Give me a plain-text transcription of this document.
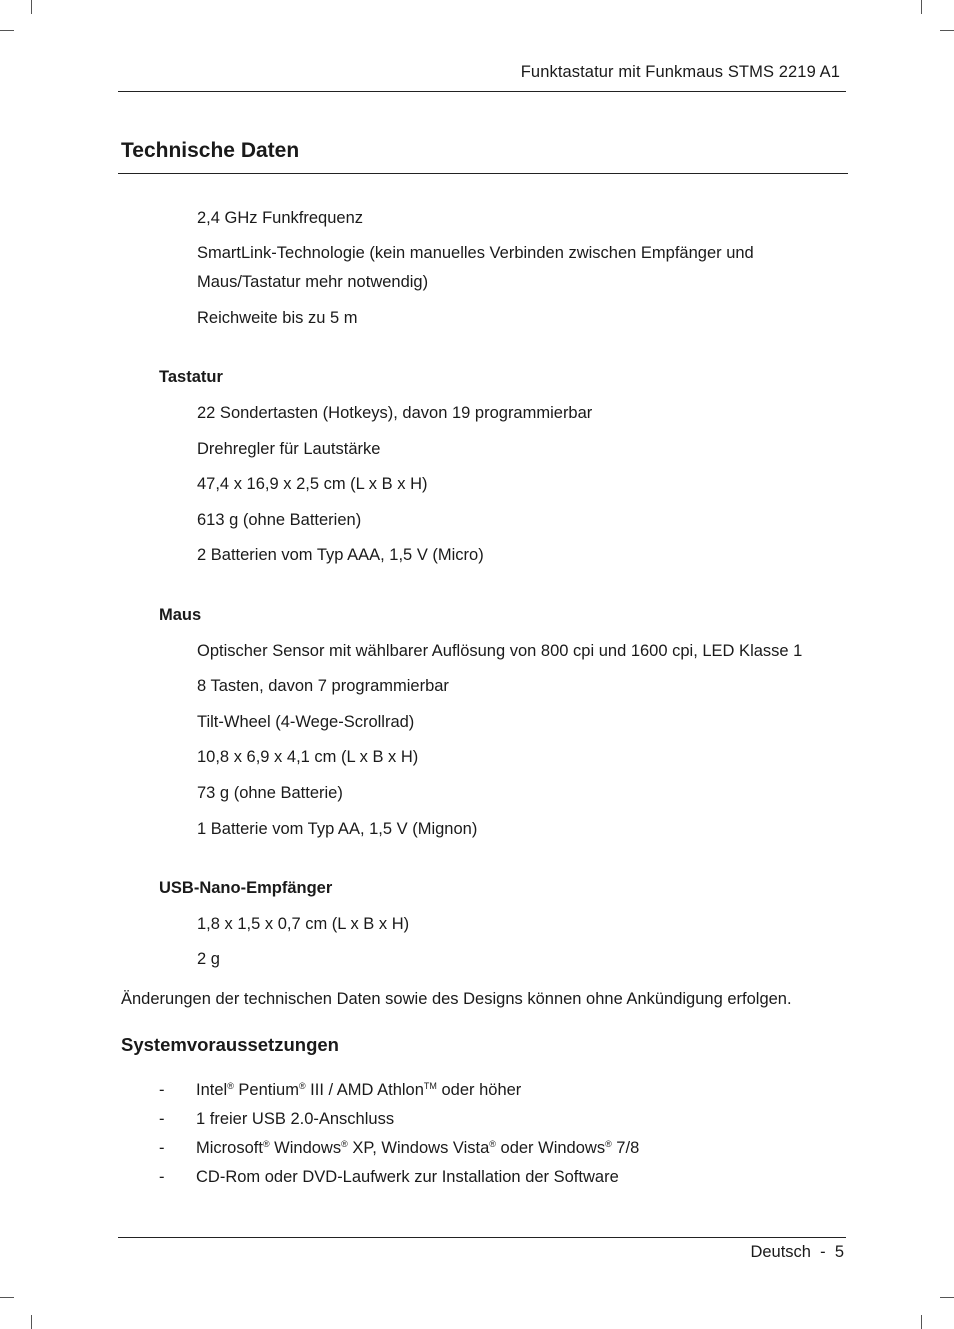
Funktastatur mit Funkmaus STMS 2219 A1
Technische Daten
2,4 GHz Funkfrequenz
SmartLink-Technologie (kein manuelles Verbinden zwischen Empfänger und
Maus/Tastatur mehr notwendig)
Reichweite bis zu 5 m
Tastatur
22 Sondertasten (Hotkeys), davon 19 programmierbar
Drehregler für Lautstärke
47,4 x 16,9 x 2,5 cm (L x B x H)
613 g (ohne Batterien)
2 Batterien vom Typ AAA, 1,5 V (Micro)
Maus
Optischer Sensor mit wählbarer Auflösung von 800 cpi und 1600 cpi, LED Klasse 1
8 Tasten, davon 7 programmierbar
Tilt-Wheel (4-Wege-Scrollrad)
10,8 x 6,9 x 4,1 cm (L x B x H)
73 g (ohne Batterie)
1 Batterie vom Typ AA, 1,5 V (Mignon)
USB-Nano-Empfänger
1,8 x 1,5 x 0,7 cm (L x B x H)
2 g
Änderungen der technischen Daten sowie des Designs können ohne Ankündigung erfolgen.
Systemvoraussetzungen
- Intel® Pentium® III / AMD Athlon™ oder höher
- 1 freier USB 2.0-Anschluss
- Microsoft® Windows® XP, Windows Vista® oder Windows® 7/8
- CD-Rom oder DVD-Laufwerk zur Installation der Software
Deutsch  -  5
